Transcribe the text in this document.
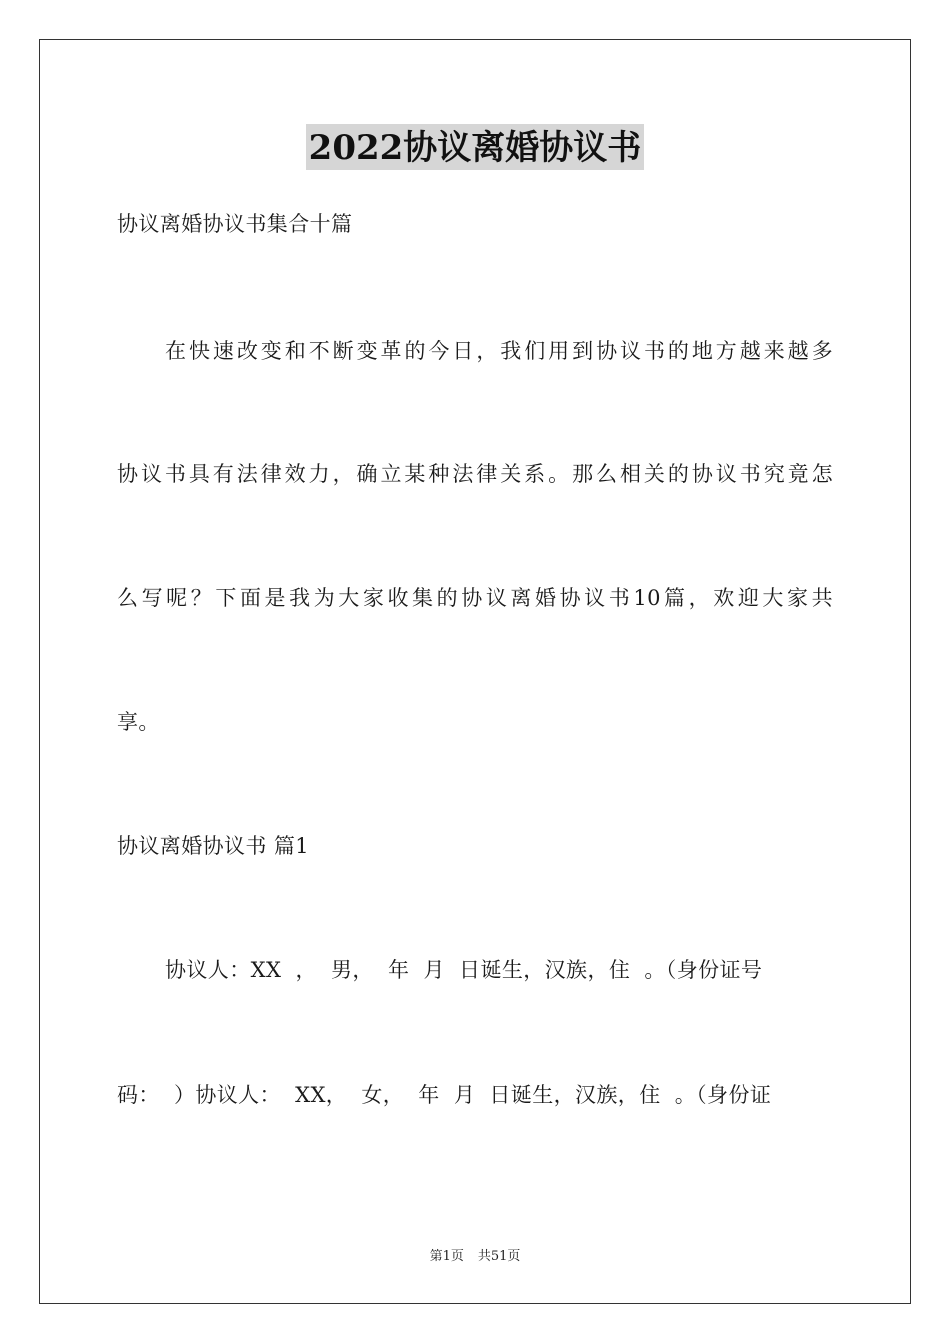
2022协议离婚协议书
协议离婚协议书集合十篇
在快速改变和不断变革的今日，我们用到协议书的地方越来越多
协议书具有法律效力，确立某种法律关系。那么相关的协议书究竟怎
么写呢？下面是我为大家收集的协议离婚协议书10篇，欢迎大家共
享。
协议离婚协议书 篇1
协议人：XX  ，  男，  年  月  日诞生，汉族，住  。（身份证号
码：  ）协议人：  XX，  女，  年  月  日诞生，汉族，住  。（身份证
第1页 共51页
